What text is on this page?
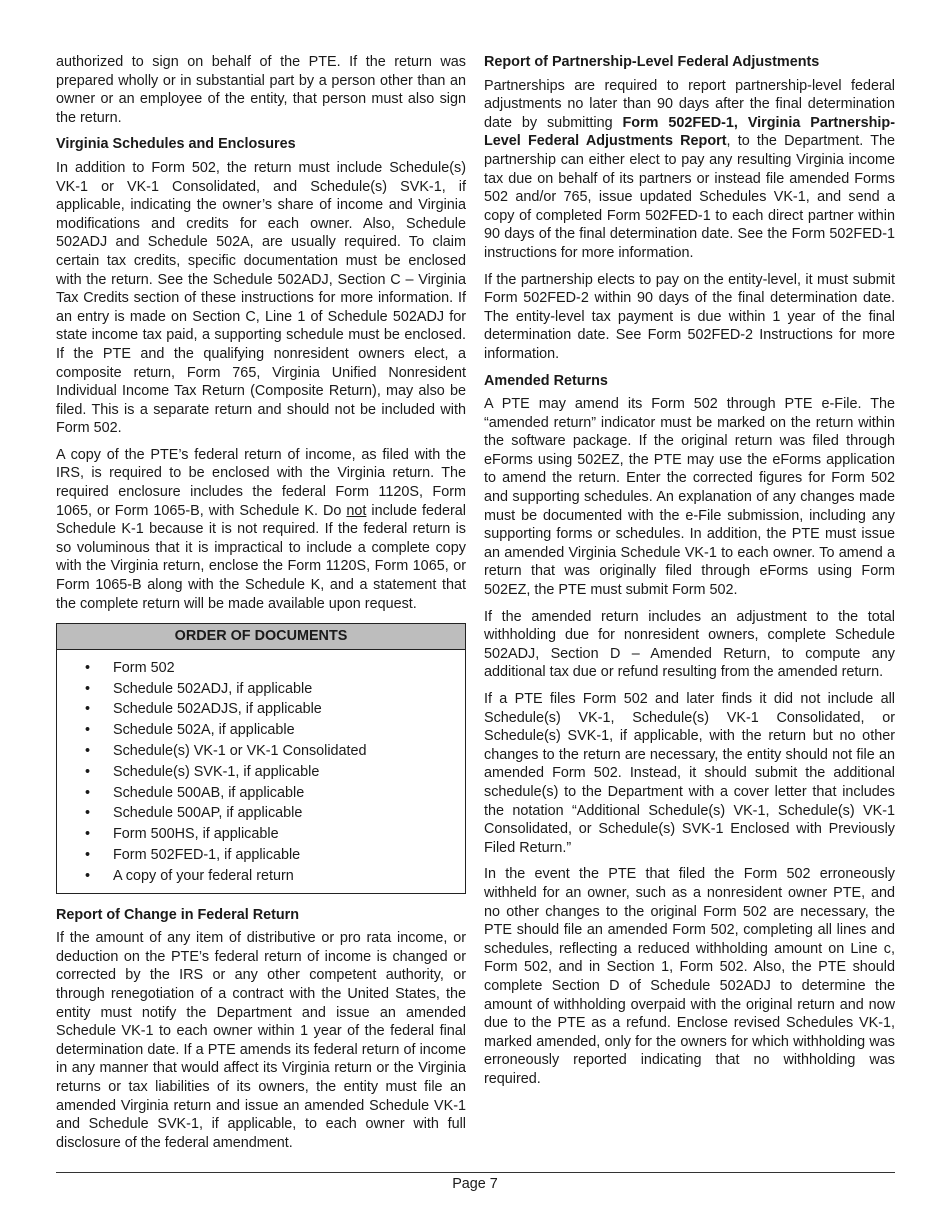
authorized to sign on behalf of the PTE. If the return was prepared wholly or in substantial part by a person other than an owner or an employee of the entity, that person must also sign the return.

Virginia Schedules and Enclosures

In addition to Form 502, the return must include Schedule(s) VK-1 or VK-1 Consolidated, and Schedule(s) SVK-1, if applicable, indicating the owner’s share of income and Virginia modifications and credits for each owner. Also, Schedule 502ADJ and Schedule 502A, are usually required. To claim certain tax credits, specific documentation must be enclosed with the return. See the Schedule 502ADJ, Section C – Virginia Tax Credits section of these instructions for more information. If an entry is made on Section C, Line 1 of Schedule 502ADJ for state income tax paid, a supporting schedule must be enclosed. If the PTE and the qualifying nonresident owners elect, a composite return, Form 765, Virginia Unified Nonresident Individual Income Tax Return (Composite Return), may also be filed. This is a separate return and should not be included with Form 502.

A copy of the PTE’s federal return of income, as filed with the IRS, is required to be enclosed with the Virginia return. The required enclosure includes the federal Form 1120S, Form 1065, or Form 1065-B, with Schedule K. Do not include federal Schedule K-1 because it is not required. If the federal return is so voluminous that it is impractical to include a complete copy with the Virginia return, enclose the Form 1120S, Form 1065, or Form 1065-B along with the Schedule K, and a statement that the complete return will be made available upon request.

ORDER OF DOCUMENTS
• Form 502
• Schedule 502ADJ, if applicable
• Schedule 502ADJS, if applicable
• Schedule 502A, if applicable
• Schedule(s) VK-1 or VK-1 Consolidated
• Schedule(s) SVK-1, if applicable
• Schedule 500AB, if applicable
• Schedule 500AP, if applicable
• Form 500HS, if applicable
• Form 502FED-1, if applicable
• A copy of your federal return
Report of Change in Federal Return

If the amount of any item of distributive or pro rata income, or deduction on the PTE’s federal return of income is changed or corrected by the IRS or any other competent authority, or through renegotiation of a contract with the United States, the entity must notify the Department and issue an amended Schedule VK-1 to each owner within 1 year of the federal final determination date. If a PTE amends its federal return of income in any manner that would affect its Virginia return or the Virginia returns or tax liabilities of its owners, the entity must file an amended Virginia return and issue an amended Schedule VK-1 and Schedule SVK-1, if applicable, to each owner with full disclosure of the federal amendment.

Report of Partnership-Level Federal Adjustments

Partnerships are required to report partnership-level federal adjustments no later than 90 days after the final determination date by submitting Form 502FED-1, Virginia Partnership-Level Federal Adjustments Report, to the Department. The partnership can either elect to pay any resulting Virginia income tax due on behalf of its partners or instead file amended Forms 502 and/or 765, issue updated Schedules VK-1, and send a copy of completed Form 502FED-1 to each direct partner within 90 days of the final determination date. See the Form 502FED-1 instructions for more information.

If the partnership elects to pay on the entity-level, it must submit Form 502FED-2 within 90 days of the final determination date. The entity-level tax payment is due within 1 year of the final determination date. See Form 502FED-2 Instructions for more information.

Amended Returns

A PTE may amend its Form 502 through PTE e-File. The “amended return” indicator must be marked on the return within the software package. If the original return was filed through eForms using 502EZ, the PTE may use the eForms application to amend the return. Enter the corrected figures for Form 502 and supporting schedules. An explanation of any changes made must be documented with the e-File submission, including any supporting forms or schedules. In addition, the PTE must issue an amended Virginia Schedule VK-1 to each owner. To amend a return that was originally filed through eForms using Form 502EZ, the PTE must submit Form 502.

If the amended return includes an adjustment to the total withholding due for nonresident owners, complete Schedule 502ADJ, Section D – Amended Return, to compute any additional tax due or refund resulting from the amended return.

If a PTE files Form 502 and later finds it did not include all Schedule(s) VK-1, Schedule(s) VK-1 Consolidated, or Schedule(s) SVK-1, if applicable, with the return but no other changes to the return are necessary, the entity should not file an amended Form 502. Instead, it should submit the additional schedule(s) to the Department with a cover letter that includes the notation “Additional Schedule(s) VK-1, Schedule(s) VK-1 Consolidated, or Schedule(s) SVK-1 Enclosed with Previously Filed Return.”

In the event the PTE that filed the Form 502 erroneously withheld for an owner, such as a nonresident owner PTE, and no other changes to the original Form 502 are necessary, the PTE should file an amended Form 502, completing all lines and schedules, reflecting a reduced withholding amount on Line c, Form 502, and in Section 1, Form 502. Also, the PTE should complete Section D of Schedule 502ADJ to determine the amount of withholding overpaid with the original return and now due to the PTE as a refund. Enclose revised Schedules VK-1, marked amended, only for the owners for which withholding was erroneously reported indicating that no withholding was required.

Page 7
